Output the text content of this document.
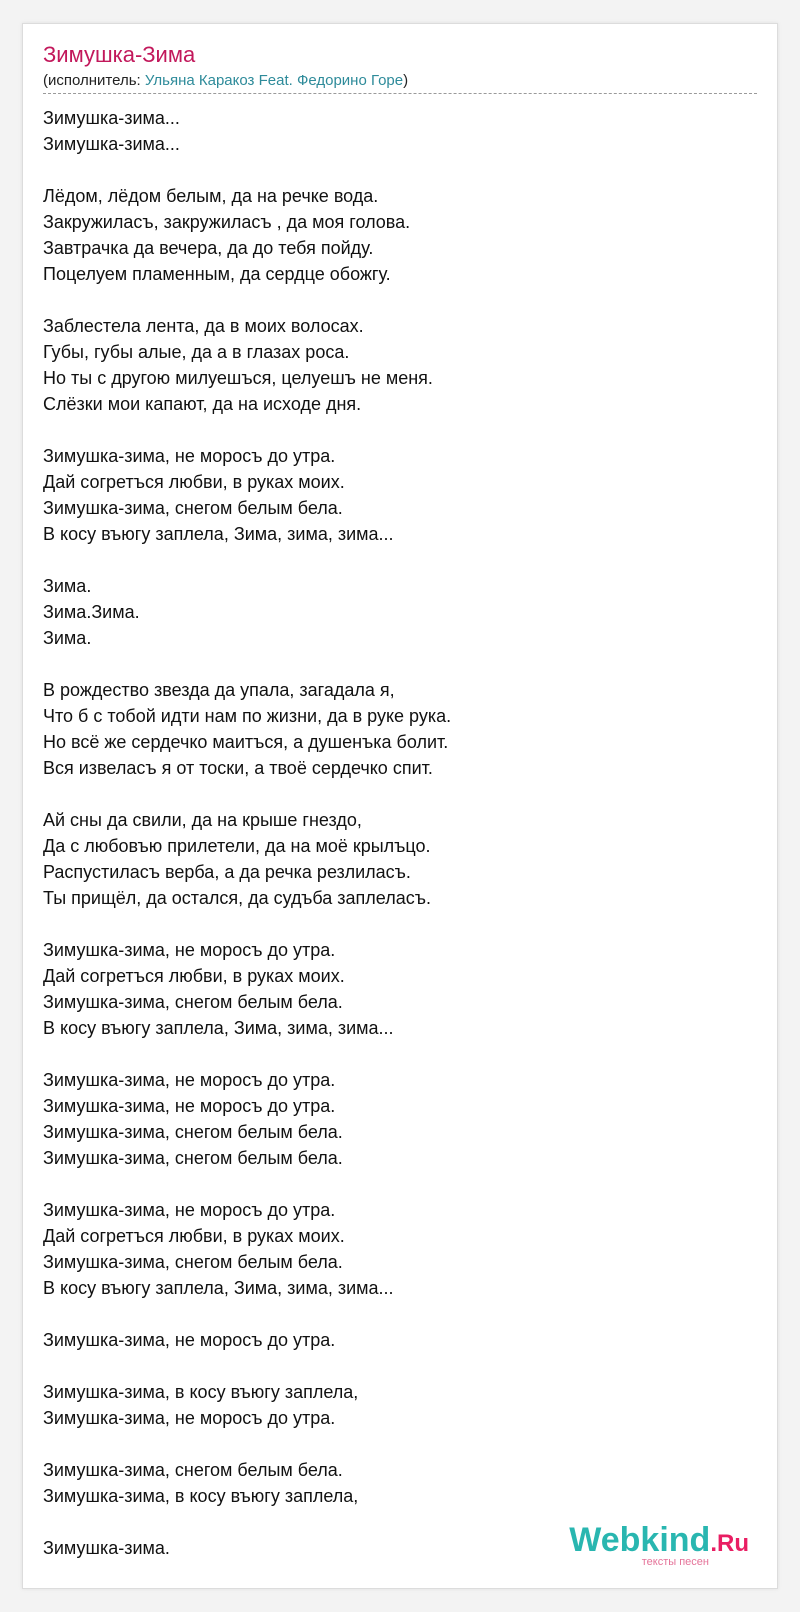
Зимушка-Зима
(исполнитель: Ульяна Каракоз Feat. Федорино Горе)
Зимушка-зима...
Зимушка-зима...
Лёдом, лёдом белым, да на речке вода.
Закружиласъ, закружиласъ , да моя голова.
Завтрачка да вечера, да до тебя пойду.
Поцелуем пламенным, да сердце обожгу.
Заблестела лента, да в моих волосах.
Губы, губы алые, да а в глазах роса.
Но ты с другою милуешъся, целуешъ не меня.
Слёзки мои капают, да на исходе дня.
Зимушка-зима, не моросъ до утра.
Дай согретъся любви, в руках моих.
Зимушка-зима, снегом белым бела.
В косу въюгу заплела, Зима, зима, зима...
Зима.
Зима.Зима.
Зима.
В рождество звезда да упала, загадала я,
Что б с тобой идти нам по жизни, да в руке рука.
Но всё же сердечко маитъся, а душенъка болит.
Вся извеласъ я от тоски, а твоё сердечко спит.
Ай сны да свили, да на крыше гнездо,
Да с любовъю прилетели, да на моё крылъцо.
Распустиласъ верба, а да речка резлиласъ.
Ты прищёл, да остался, да судъба заплеласъ.
Зимушка-зима, не моросъ до утра.
Дай согретъся любви, в руках моих.
Зимушка-зима, снегом белым бела.
В косу въюгу заплела, Зима, зима, зима...
Зимушка-зима, не моросъ до утра.
Зимушка-зима, не моросъ до утра.
Зимушка-зима, снегом белым бела.
Зимушка-зима, снегом белым бела.
Зимушка-зима, не моросъ до утра.
Дай согретъся любви, в руках моих.
Зимушка-зима, снегом белым бела.
В косу въюгу заплела, Зима, зима, зима...
Зимушка-зима, не моросъ до утра.
Зимушка-зима, в косу въюгу заплела,
Зимушка-зима, не моросъ до утра.
Зимушка-зима, снегом белым бела.
Зимушка-зима, в косу въюгу заплела,
Зимушка-зима.	Webkind.Ru
тексты песен
